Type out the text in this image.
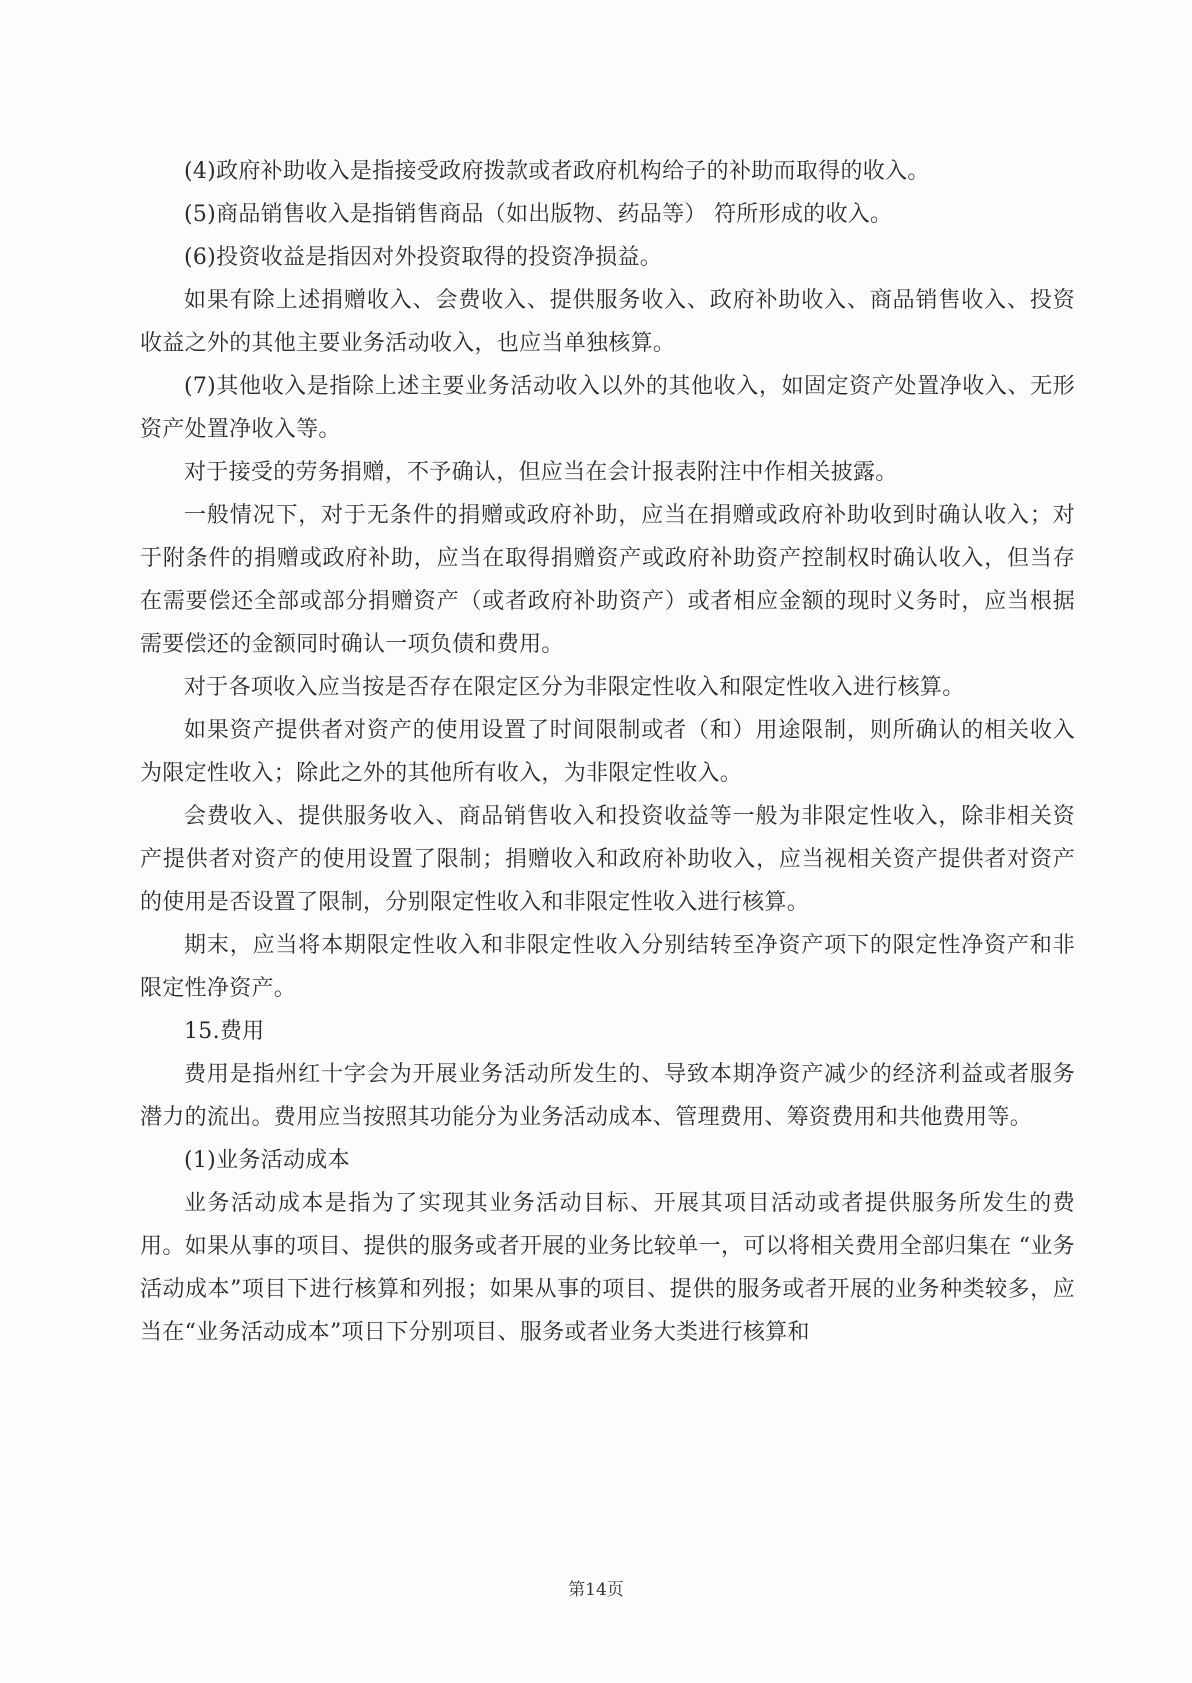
(4)政府补助收入是指接受政府拨款或者政府机构给子的补助而取得的收入。

(5)商品销售收入是指销售商品（如出版物、药品等） 符所形成的收入。

(6)投资收益是指因对外投资取得的投资净损益。

如果有除上述捐赠收入、会费收入、提供服务收入、政府补助收入、商品销售收入、投资收益之外的其他主要业务活动收入，也应当单独核算。

(7)其他收入是指除上述主要业务活动收入以外的其他收入，如固定资产处置净收入、无形资产处置净收入等。

对于接受的劳务捐赠，不予确认，但应当在会计报表附注中作相关披露。

一般情况下，对于无条件的捐赠或政府补助，应当在捐赠或政府补助收到时确认收入；对于附条件的捐赠或政府补助，应当在取得捐赠资产或政府补助资产控制权时确认收入，但当存在需要偿还全部或部分捐赠资产（或者政府补助资产）或者相应金额的现时义务时，应当根据需要偿还的金额同时确认一项负债和费用。

对于各项收入应当按是否存在限定区分为非限定性收入和限定性收入进行核算。

如果资产提供者对资产的使用设置了时间限制或者（和）用途限制，则所确认的相关收入为限定性收入；除此之外的其他所有收入，为非限定性收入。

会费收入、提供服务收入、商品销售收入和投资收益等一般为非限定性收入，除非相关资产提供者对资产的使用设置了限制；捐赠收入和政府补助收入，应当视相关资产提供者对资产的使用是否设置了限制，分别限定性收入和非限定性收入进行核算。

期末，应当将本期限定性收入和非限定性收入分别结转至净资产项下的限定性净资产和非限定性净资产。

15.费用

费用是指州红十字会为开展业务活动所发生的、导致本期净资产减少的经济利益或者服务潜力的流出。费用应当按照其功能分为业务活动成本、管理费用、筹资费用和共他费用等。

(1)业务活动成本

业务活动成本是指为了实现其业务活动目标、开展其项目活动或者提供服务所发生的费用。如果从事的项目、提供的服务或者开展的业务比较单一，可以将相关费用全部归集在 “业务活动成本”项目下进行核算和列报；如果从事的项目、提供的服务或者开展的业务种类较多，应当在“业务活动成本”项日下分别项目、服务或者业务大类进行核算和

第14页
